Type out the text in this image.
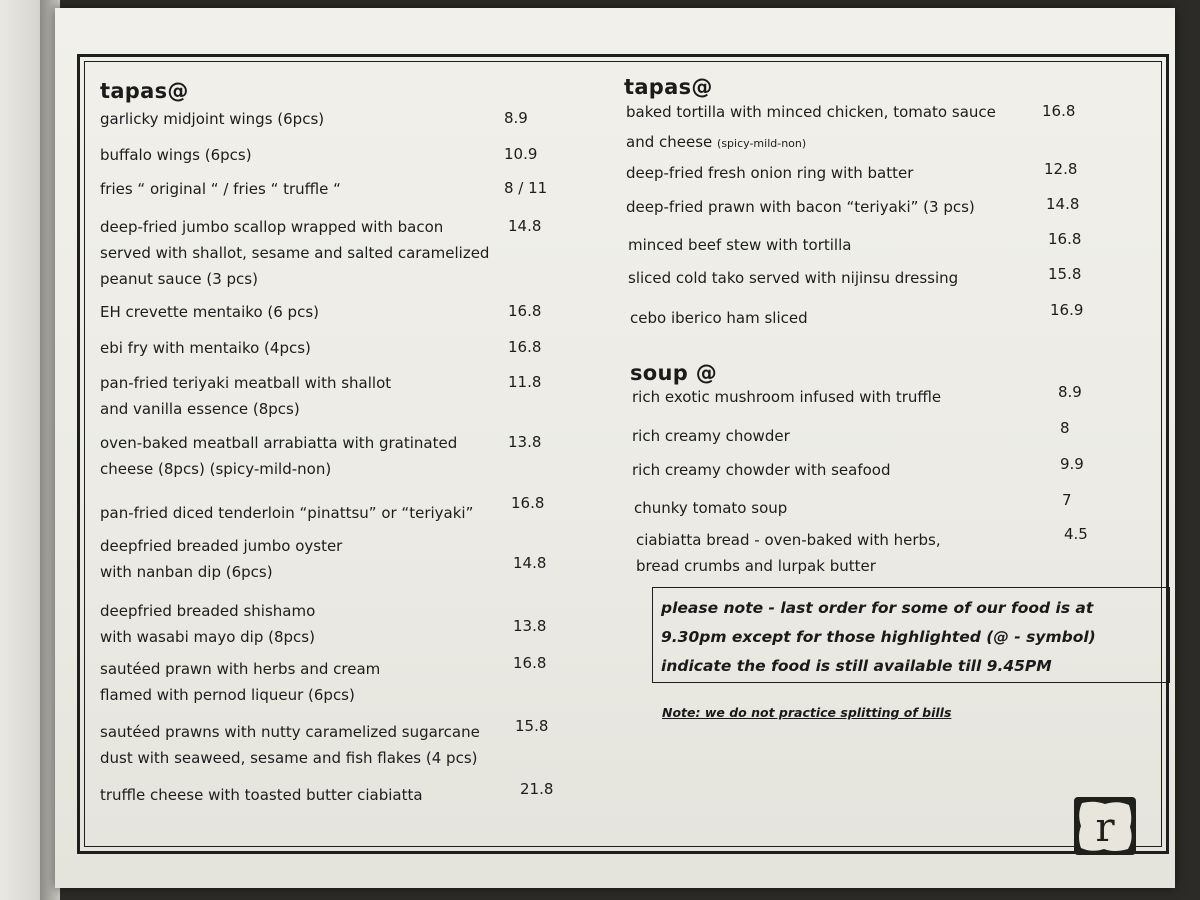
tapas@
garlicky midjoint wings (6pcs)	8.9
buffalo wings (6pcs)	10.9
fries “ original “ / fries “ truffle “	8 / 11
deep-fried jumbo scallop wrapped with bacon
served with shallot, sesame and salted caramelized
peanut sauce (3 pcs)
14.8
EH crevette mentaiko (6 pcs)	16.8
ebi fry with mentaiko (4pcs)	16.8
pan-fried teriyaki meatball with shallot
and vanilla essence (8pcs)
11.8
oven-baked meatball arrabiatta with gratinated
cheese (8pcs) (spicy-mild-non)
13.8
pan-fried diced tenderloin “pinattsu” or “teriyaki”
16.8
deepfried breaded jumbo oyster
with nanban dip (6pcs)	14.8
deepfried breaded shishamo
with wasabi mayo dip (8pcs)
13.8
sautéed prawn with herbs and cream
flamed with pernod liqueur (6pcs)
16.8
sautéed prawns with nutty caramelized sugarcane
dust with seaweed, sesame and fish flakes (4 pcs)
15.8
truffle cheese with toasted butter ciabiatta	21.8
tapas@
baked tortilla with minced chicken, tomato sauce
and cheese (spicy-mild-non)
16.8
deep-fried fresh onion ring with batter	12.8
deep-fried prawn with bacon “teriyaki” (3 pcs)	14.8
minced beef stew with tortilla	16.8
sliced cold tako served with nijinsu dressing	15.8
cebo iberico ham sliced	16.9
soup @
rich exotic mushroom infused with truffle	8.9
rich creamy chowder	8
rich creamy chowder with seafood	9.9
chunky tomato soup	7
ciabiatta bread - oven-baked with herbs,
bread crumbs and lurpak butter
4.5
please note - last order for some of our food is at 9.30pm except for those highlighted (@ - symbol) indicate the food is still available till 9.45PM
Note: we do not practice splitting of bills
r
